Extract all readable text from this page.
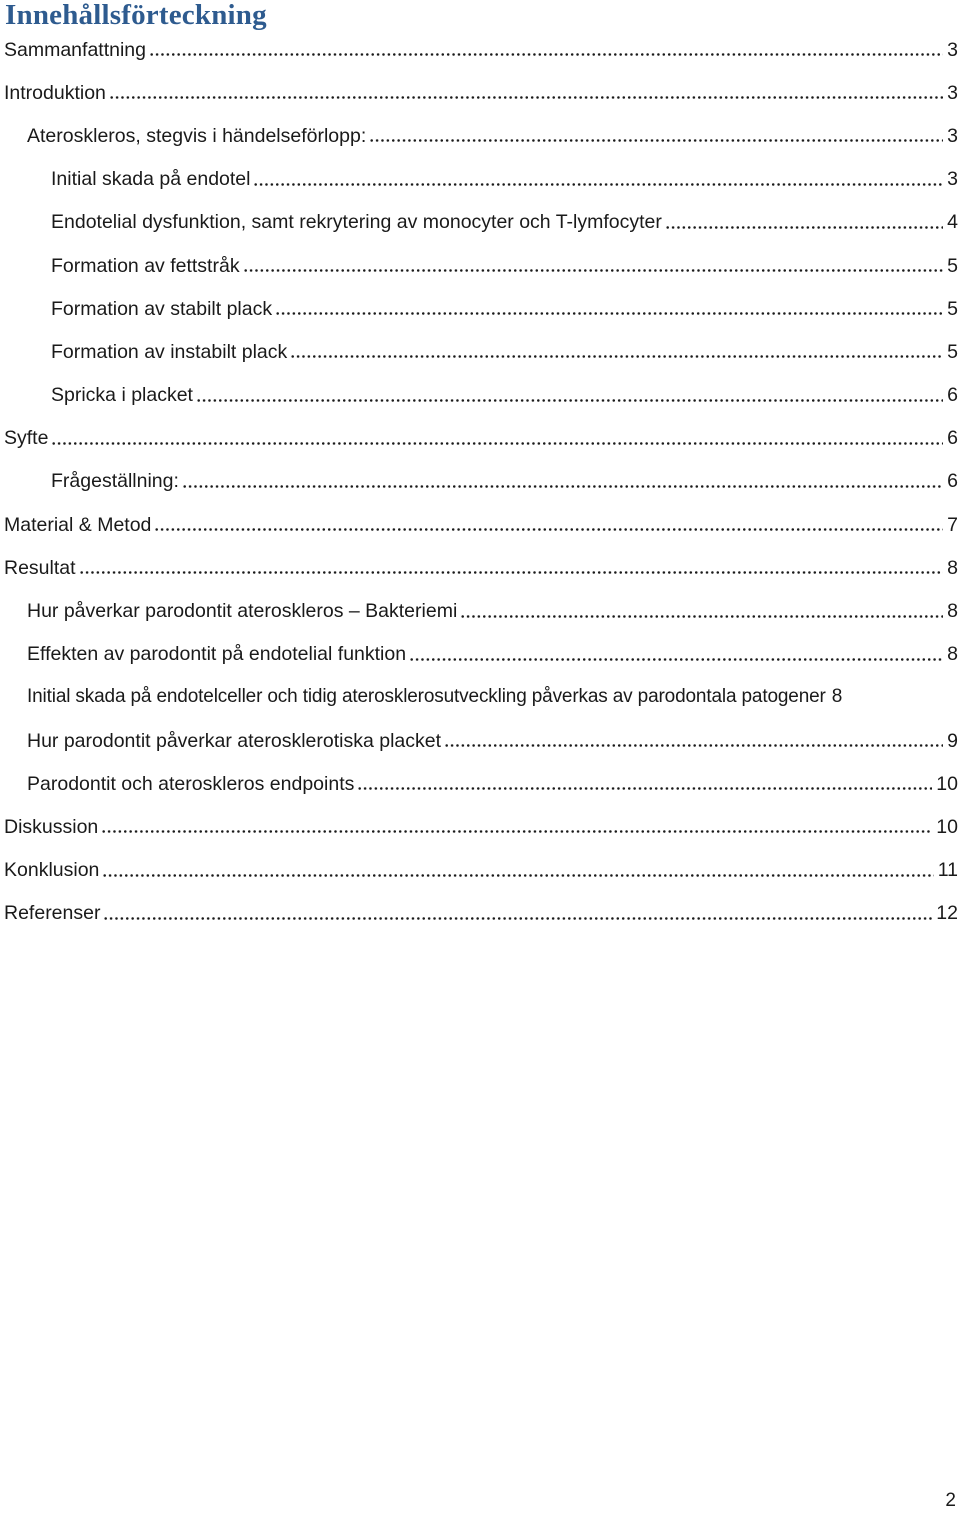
Innehållsförteckning
Sammanfattning	3
Introduktion	3
Ateroskleros, stegvis i händelseförlopp:	3
Initial skada på endotel	3
Endotelial dysfunktion, samt rekrytering av monocyter och T-lymfocyter	4
Formation av fettstråk	5
Formation av stabilt plack	5
Formation av instabilt plack	5
Spricka i placket	6
Syfte	6
Frågeställning:	6
Material & Metod	7
Resultat	8
Hur påverkar parodontit ateroskleros – Bakteriemi	8
Effekten av parodontit på endotelial funktion	8
Initial skada på endotelceller och tidig aterosklerosutveckling påverkas av parodontala patogener 8
Hur parodontit påverkar aterosklerotiska placket	9
Parodontit och ateroskleros endpoints	10
Diskussion	10
Konklusion	11
Referenser	12
2
